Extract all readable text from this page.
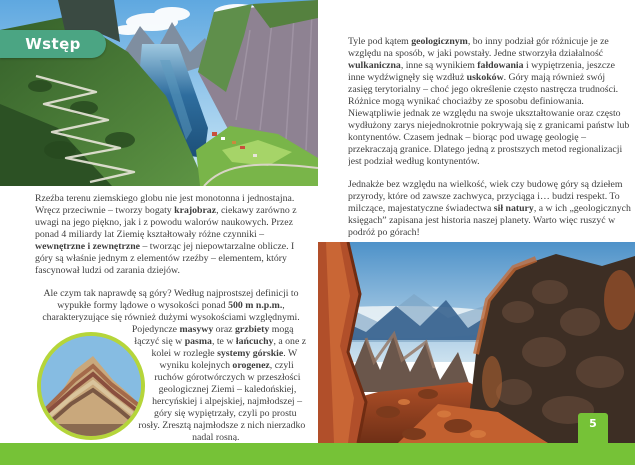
Wstęp

Rzeźba terenu ziemskiego globu nie jest monotonna i jednostajna. Wręcz przeciwnie – tworzy bogaty krajobraz, ciekawy zarówno z uwagi na jego piękno, jak i z powodu walorów naukowych. Przez ponad 4 miliardy lat Ziemię kształtowały różne czynniki – wewnętrzne i zewnętrzne – tworząc jej niepowtarzalne oblicze. I góry są właśnie jednym z elementów rzeźby – elementem, który fascynował ludzi od zarania dziejów.

Ale czym tak naprawdę są góry? Według najprostszej definicji to wypukłe formy lądowe o wysokości ponad 500 m n.p.m., charakteryzujące się również dużymi wysokościami względnymi. Pojedyncze masywy oraz grzbiety mogą łączyć się w pasma, te w łańcuchy, a one z kolei w rozległe systemy górskie. W wyniku kolejnych orogenez, czyli ruchów górotwórczych w przeszłości geologicznej Ziemi – kaledońskiej, hercyńskiej i alpejskiej, najmłodszej – góry się wypiętrzały, czyli po prostu rosły. Zresztą najmłodsze z nich nierzadko nadal rosną.

Tyle pod kątem geologicznym, bo inny podział gór różnicuje je ze względu na sposób, w jaki powstały. Jedne stworzyła działalność wulkaniczna, inne są wynikiem fałdowania i wypiętrzenia, jeszcze inne wydźwignęły się wzdłuż uskoków. Góry mają również swój zasięg terytorialny – choć jego określenie często nastręcza trudności. Różnice mogą wynikać chociażby ze sposobu definiowania. Niewątpliwie jednak ze względu na swoje ukształtowanie oraz często wydłużony zarys niejednokrotnie pokrywają się z granicami państw lub kontynentów. Czasem jednak – biorąc pod uwagę geologię – przekraczają granice. Dlatego jedną z prostszych metod regionalizacji jest podział według kontynentów.

Jednakże bez względu na wielkość, wiek czy budowę góry są dziełem przyrody, które od zawsze zachwyca, przyciąga i… budzi respekt. To milczące, majestatyczne świadectwa sił natury, a w ich „geologicznych księgach” zapisana jest historia naszej planety. Warto więc ruszyć w podróż po górach!

5
